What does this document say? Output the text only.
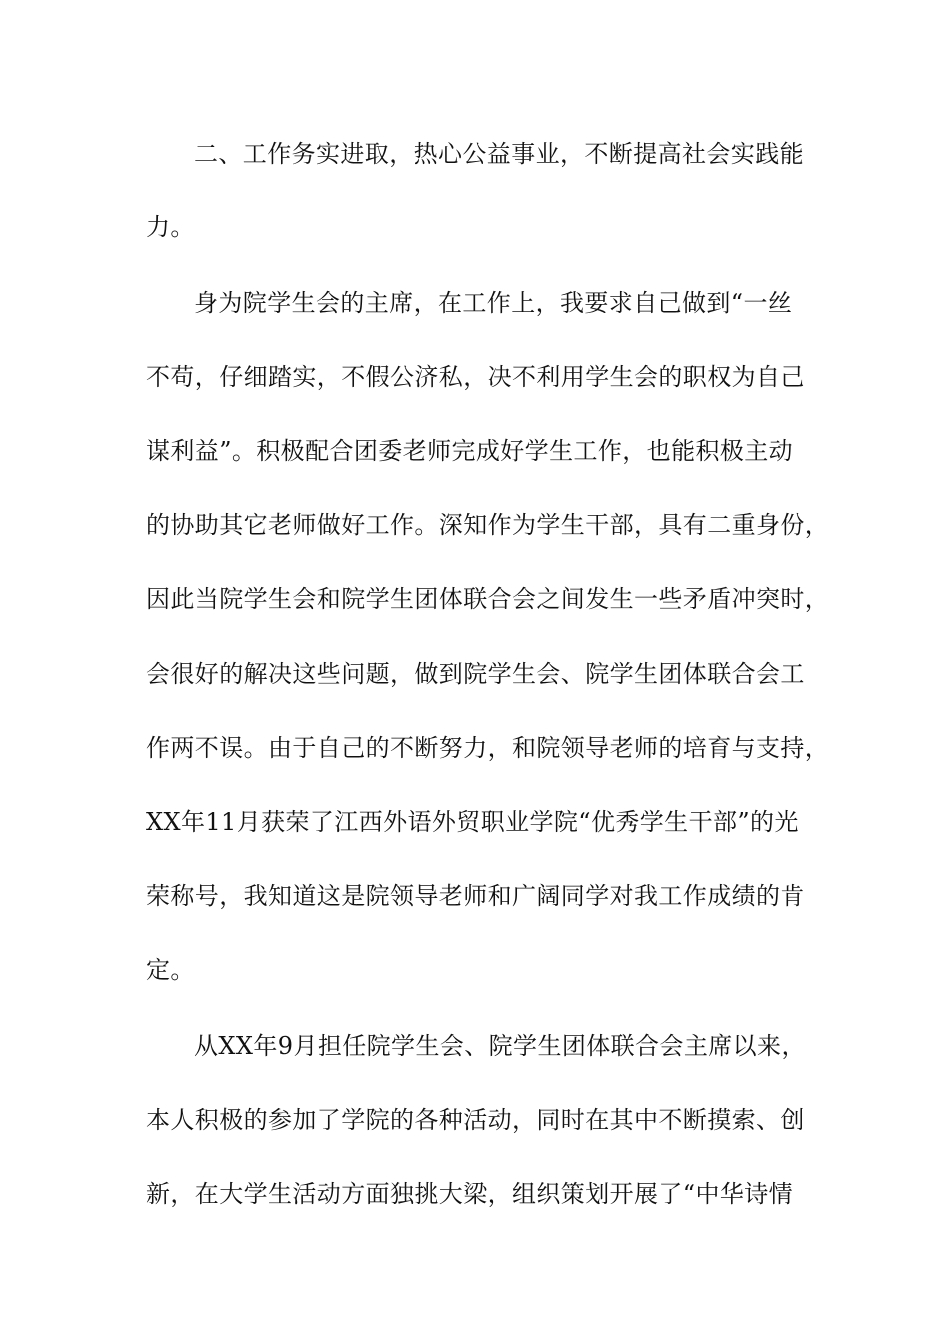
二、工作务实进取，热心公益事业，不断提高社会实践能
力。
身为院学生会的主席，在工作上，我要求自己做到“一丝
不苟，仔细踏实，不假公济私，决不利用学生会的职权为自己
谋利益”。积极配合团委老师完成好学生工作，也能积极主动
的协助其它老师做好工作。深知作为学生干部，具有二重身份，
因此当院学生会和院学生团体联合会之间发生一些矛盾冲突时，
会很好的解决这些问题，做到院学生会、院学生团体联合会工
作两不误。由于自己的不断努力，和院领导老师的培育与支持，
XX年11月获荣了江西外语外贸职业学院“优秀学生干部”的光
荣称号，我知道这是院领导老师和广阔同学对我工作成绩的肯
定。
从XX年9月担任院学生会、院学生团体联合会主席以来，
本人积极的参加了学院的各种活动，同时在其中不断摸索、创
新，在大学生活动方面独挑大梁，组织策划开展了“中华诗情
